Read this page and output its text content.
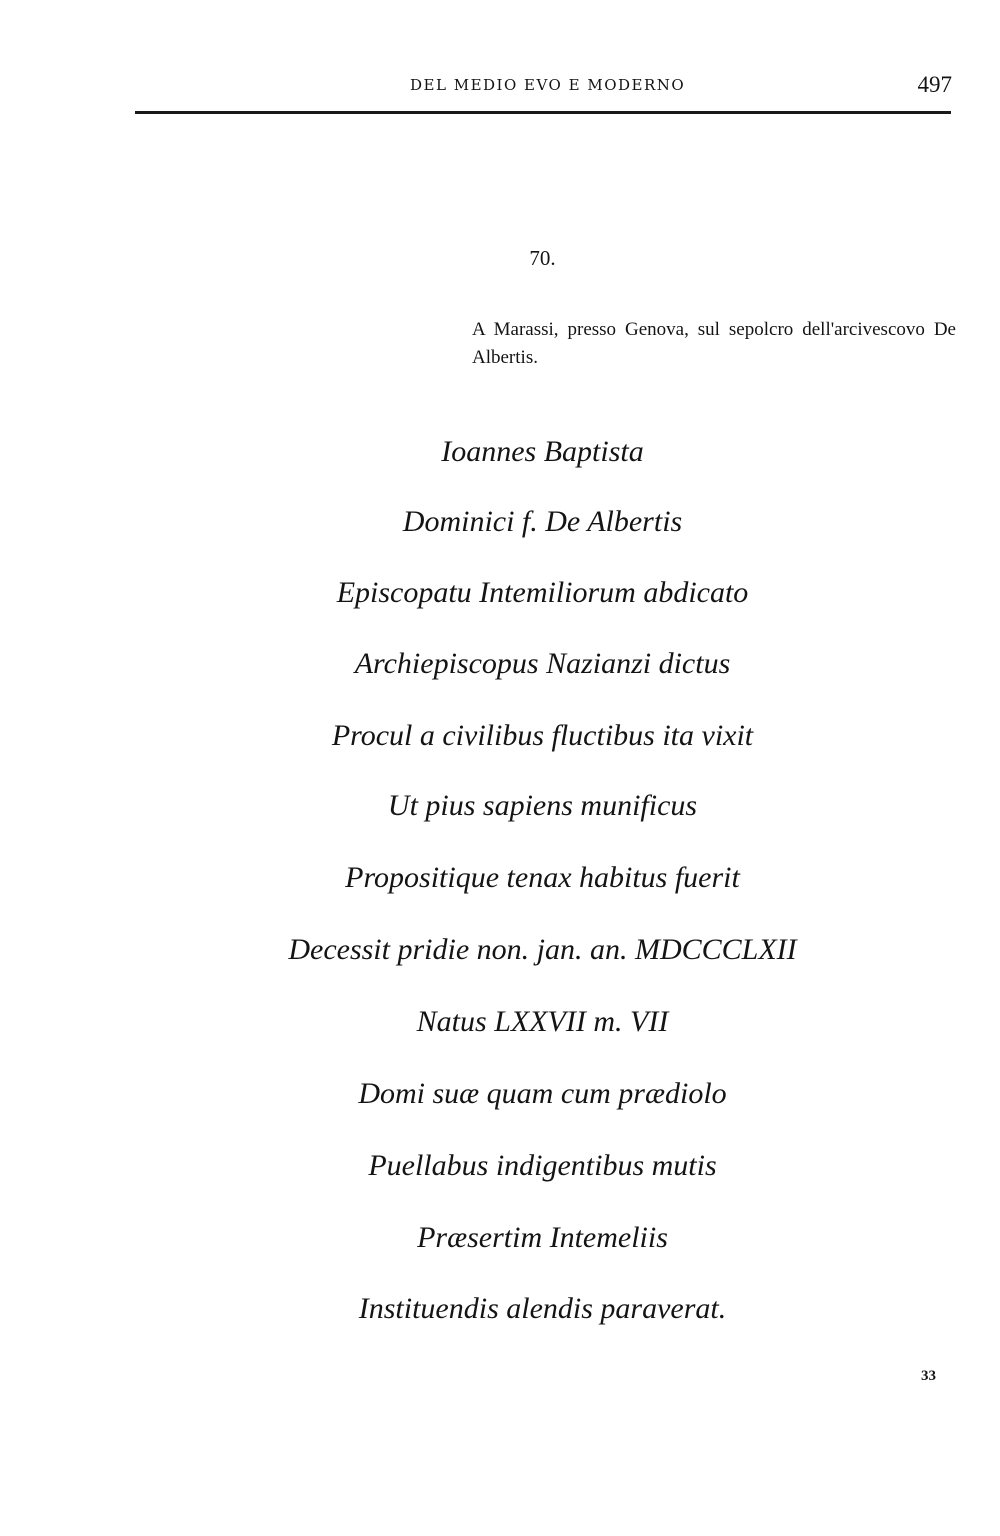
DEL MEDIO EVO E MODERNO	497
70.
A Marassi, presso Genova, sul sepolcro dell'arcivescovo De Albertis.
Ioannes Baptista
Dominici f. De Albertis
Episcopatu Intemiliorum abdicato
Archiepiscopus Nazianzi dictus
Procul a civilibus fluctibus ita vixit
Ut pius sapiens munificus
Propositique tenax habitus fuerit
Decessit pridie non. jan. an. MDCCCLXII
Natus LXXVII m. VII
Domi suæ quam cum prædiolo
Puellabus indigentibus mutis
Præsertim Intemeliis
Instituendis alendis paraverat.
33
